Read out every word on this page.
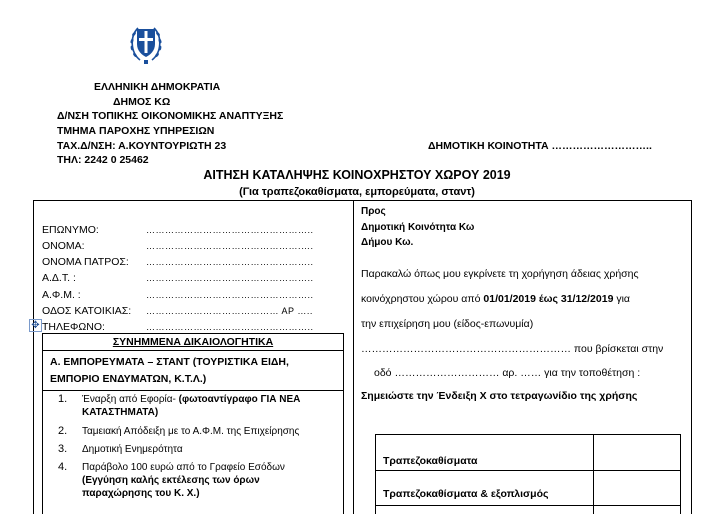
ΕΛΛΗΝΙΚΗ ΔΗΜΟΚΡΑΤΙΑ
ΔΗΜΟΣ ΚΩ
Δ/ΝΣΗ ΤΟΠΙΚΗΣ ΟΙΚΟΝΟΜΙΚΗΣ ΑΝΑΠΤΥΞΗΣ
ΤΜΗΜΑ ΠΑΡΟΧΗΣ ΥΠΗΡΕΣΙΩΝ
ΤΑΧ.Δ/ΝΣΗ: Α.ΚΟΥΝΤΟΥΡΙΩΤΗ 23
ΤΗΛ: 2242 0 25462
ΔΗΜΟΤΙΚΗ ΚΟΙΝΟΤΗΤΑ ………………………..
ΑΙΤΗΣΗ ΚΑΤΑΛΗΨΗΣ ΚΟΙΝΟΧΡΗΣΤΟΥ ΧΩΡΟΥ 2019
(Για τραπεζοκαθίσματα, εμπορεύματα, σταντ)
ΕΠΩΝΥΜΟ:	……………………………………………..
ΟΝΟΜΑ:	………………………………………….….
ΟΝΟΜΑ ΠΑΤΡΟΣ: ……………………………………………..
Α.Δ.Τ. :	……………………………………………..
Α.Φ.Μ. :	……………………………………………..
ΟΔΟΣ ΚΑΤΟΙΚΙΑΣ: …………………………………… ΑΡ …..
✥ ΤΗΛΕΦΩΝΟ:	……………………………………………..
ΣΥΝΗΜΜΕΝΑ ΔΙΚΑΙΟΛΟΓΗΤΙΚΑ
Α. ΕΜΠΟΡΕΥΜΑΤΑ – ΣΤΑΝΤ (ΤΟΥΡΙΣΤΙΚΑ ΕΙΔΗ,
ΕΜΠΟΡΙΟ ΕΝΔΥΜΑΤΩΝ, Κ.Τ.Λ.)
1. Έναρξη από Εφορία- (φωτοαντίγραφο ΓΙΑ ΝΕΑ
ΚΑΤΑΣΤΗΜΑΤΑ)
2. Ταμειακή Απόδειξη με το Α.Φ.Μ. της Επιχείρησης
3. Δημοτική Ενημερότητα
4. Παράβολο 100 ευρώ από το Γραφείο Εσόδων
(Εγγύηση καλής εκτέλεσης των όρων
παραχώρησης του Κ. Χ.)
Προς
Δημοτική Κοινότητα Κω
Δήμου Κω.
Παρακαλώ όπως μου εγκρίνετε τη χορήγηση άδειας χρήσης
κοινόχρηστου χώρου από 01/01/2019 έως 31/12/2019 για
την επιχείρηση μου (είδος-επωνυμία)
…………………………………………………… που βρίσκεται στην
οδό ………………………… αρ. …… για την τοποθέτηση :
Σημειώστε την Ένδειξη Χ στο τετραγωνίδιο της χρήσης
Τραπεζοκαθίσματα
Τραπεζοκαθίσματα & εξοπλισμός
